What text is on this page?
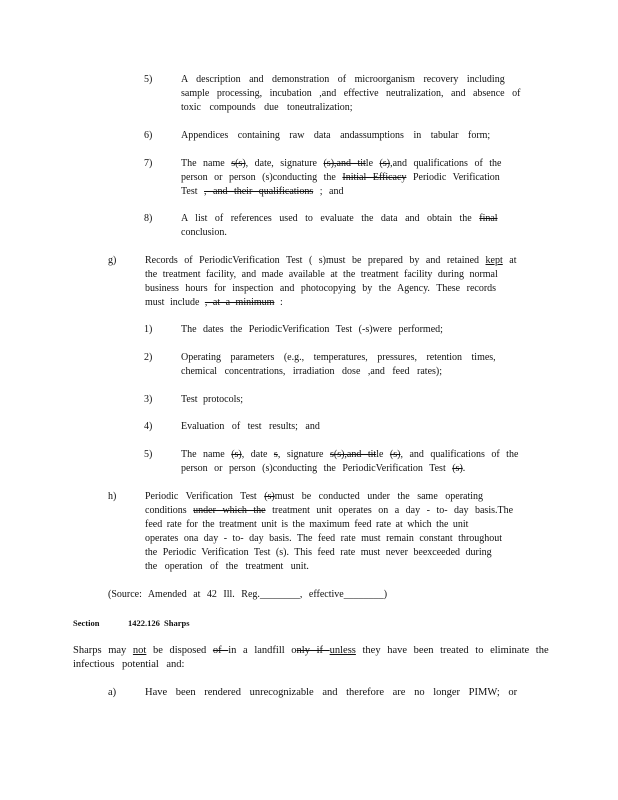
5)	A description and demonstration of microorganism recovery including
sample processing, incubation ,and effective neutralization, and absence of
toxic compounds due toneutralization;
6)	Appendices containing raw data andassumptions in tabular form;
7)	The name s(s), date, signature (s),and title (s),and qualifications of the
person or person (s)conducting the Initial Efficacy Periodic Verification
Test , and their qualifications ; and
8)	A list of references used to evaluate the data and obtain the final
conclusion.
g)	Records of PeriodicVerification Test ( s)must be prepared by and retained kept at
the treatment facility, and made available at the treatment facility during normal
business hours for inspection and photocopying by the Agency. These records
must include , at a minimum :
1)	The dates the PeriodicVerification Test (-s)were performed;
2)	Operating parameters (e.g., temperatures, pressures, retention times,
chemical concentrations, irradiation dose ,and feed rates);
3)	Test protocols;
4)	Evaluation of test results; and
5)	The name (s), date s, signature s(s),and title (s), and qualifications of the
person or person (s)conducting the PeriodicVerification Test (s).
h)	Periodic Verification Test (s)must be conducted under the same operating
conditions under which the treatment unit operates on a day - to- day basis.The
feed rate for the treatment unit is the maximum feed rate at which the unit
operates ona day - to- day basis. The feed rate must remain constant throughout
the Periodic Verification Test (s). This feed rate must never beexceeded during
the operation of the treatment unit.
(Source: Amended at 42 Ill. Reg.________, effective________)
Section	1422.126 Sharps
Sharps may not be disposed of in a landfill only if unless they have been treated to eliminate the
infectious potential and:
a)	Have been rendered unrecognizable and therefore are no longer PIMW; or
